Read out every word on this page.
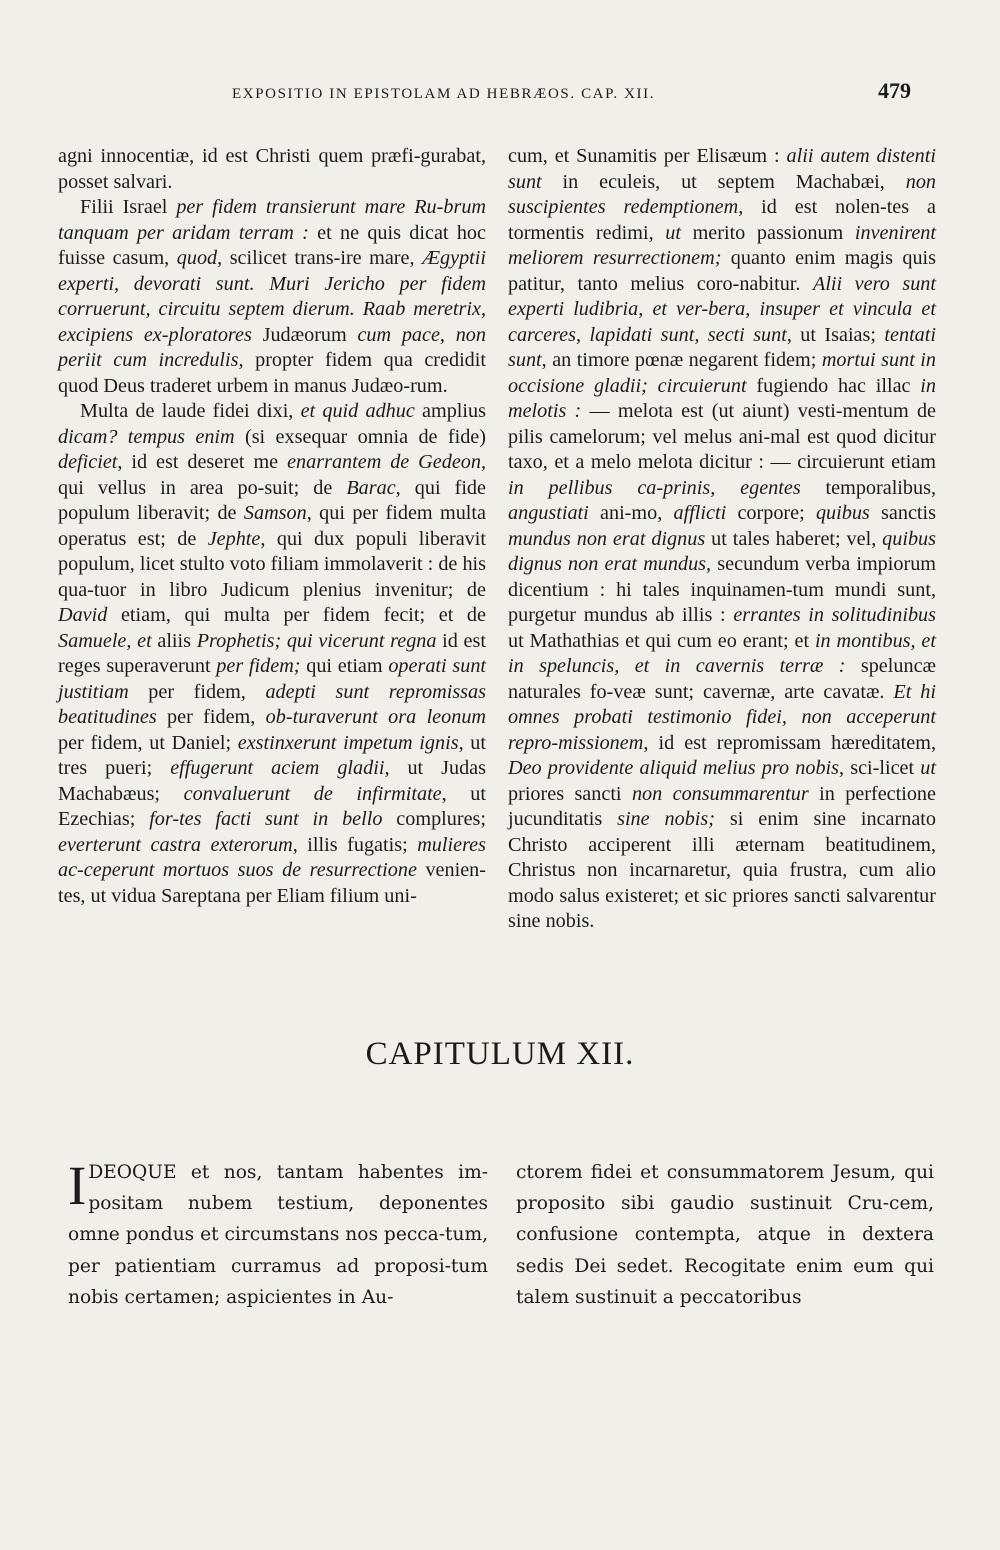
EXPOSITIO IN EPISTOLAM AD HEBRÆOS. CAP. XII.	479

agni innocentiæ, id est Christi quem præfi-gurabat, posset salvari.

Filii Israel per fidem transierunt mare Ru-brum tanquam per aridam terram : et ne quis dicat hoc fuisse casum, quod, scilicet trans-ire mare, Ægyptii experti, devorati sunt. Muri Jericho per fidem corruerunt, circuitu septem dierum. Raab meretrix, excipiens ex-ploratores Judæorum cum pace, non periit cum incredulis, propter fidem qua credidit quod Deus traderet urbem in manus Judæo-rum.

Multa de laude fidei dixi, et quid adhuc amplius dicam? tempus enim (si exsequar omnia de fide) deficiet, id est deseret me enarrantem de Gedeon, qui vellus in area po-suit; de Barac, qui fide populum liberavit; de Samson, qui per fidem multa operatus est; de Jephte, qui dux populi liberavit populum, licet stulto voto filiam immolaverit : de his qua-tuor in libro Judicum plenius invenitur; de David etiam, qui multa per fidem fecit; et de Samuele, et aliis Prophetis; qui vicerunt regna id est reges superaverunt per fidem; qui etiam operati sunt justitiam per fidem, adepti sunt repromissas beatitudines per fidem, ob-turaverunt ora leonum per fidem, ut Daniel; exstinxerunt impetum ignis, ut tres pueri; effugerunt aciem gladii, ut Judas Machabæus; convaluerunt de infirmitate, ut Ezechias; for-tes facti sunt in bello complures; everterunt castra exterorum, illis fugatis; mulieres ac-ceperunt mortuos suos de resurrectione venien-tes, ut vidua Sareptana per Eliam filium uni-

cum, et Sunamitis per Elisæum : alii autem distenti sunt in eculeis, ut septem Machabæi, non suscipientes redemptionem, id est nolen-tes a tormentis redimi, ut merito passionum invenirent meliorem resurrectionem; quanto enim magis quis patitur, tanto melius coro-nabitur. Alii vero sunt experti ludibria, et ver-bera, insuper et vincula et carceres, lapidati sunt, secti sunt, ut Isaias; tentati sunt, an timore pœnæ negarent fidem; mortui sunt in occisione gladii; circuierunt fugiendo hac illac in melotis : — melota est (ut aiunt) vesti-mentum de pilis camelorum; vel melus ani-mal est quod dicitur taxo, et a melo melota dicitur : — circuierunt etiam in pellibus ca-prinis, egentes temporalibus, angustiati ani-mo, afflicti corpore; quibus sanctis mundus non erat dignus ut tales haberet; vel, quibus dignus non erat mundus, secundum verba impiorum dicentium : hi tales inquinamen-tum mundi sunt, purgetur mundus ab illis : errantes in solitudinibus ut Mathathias et qui cum eo erant; et in montibus, et in speluncis, et in cavernis terræ : speluncæ naturales fo-veæ sunt; cavernæ, arte cavatæ. Et hi omnes probati testimonio fidei, non acceperunt repro-missionem, id est repromissam hæreditatem, Deo providente aliquid melius pro nobis, sci-licet ut priores sancti non consummarentur in perfectione jucunditatis sine nobis; si enim sine incarnato Christo acciperent illi æternam beatitudinem, Christus non incarnaretur, quia frustra, cum alio modo salus existeret; et sic priores sancti salvarentur sine nobis.

CAPITULUM XII.
IDEOQUE et nos, tantam habentes im-positam nubem testium, deponentes omne pondus et circumstans nos pecca-tum, per patientiam curramus ad proposi-tum nobis certamen; aspicientes in Au-
ctorem fidei et consummatorem Jesum, qui proposito sibi gaudio sustinuit Cru-cem, confusione contempta, atque in dextera sedis Dei sedet. Recogitate enim eum qui talem sustinuit a peccatoribus
